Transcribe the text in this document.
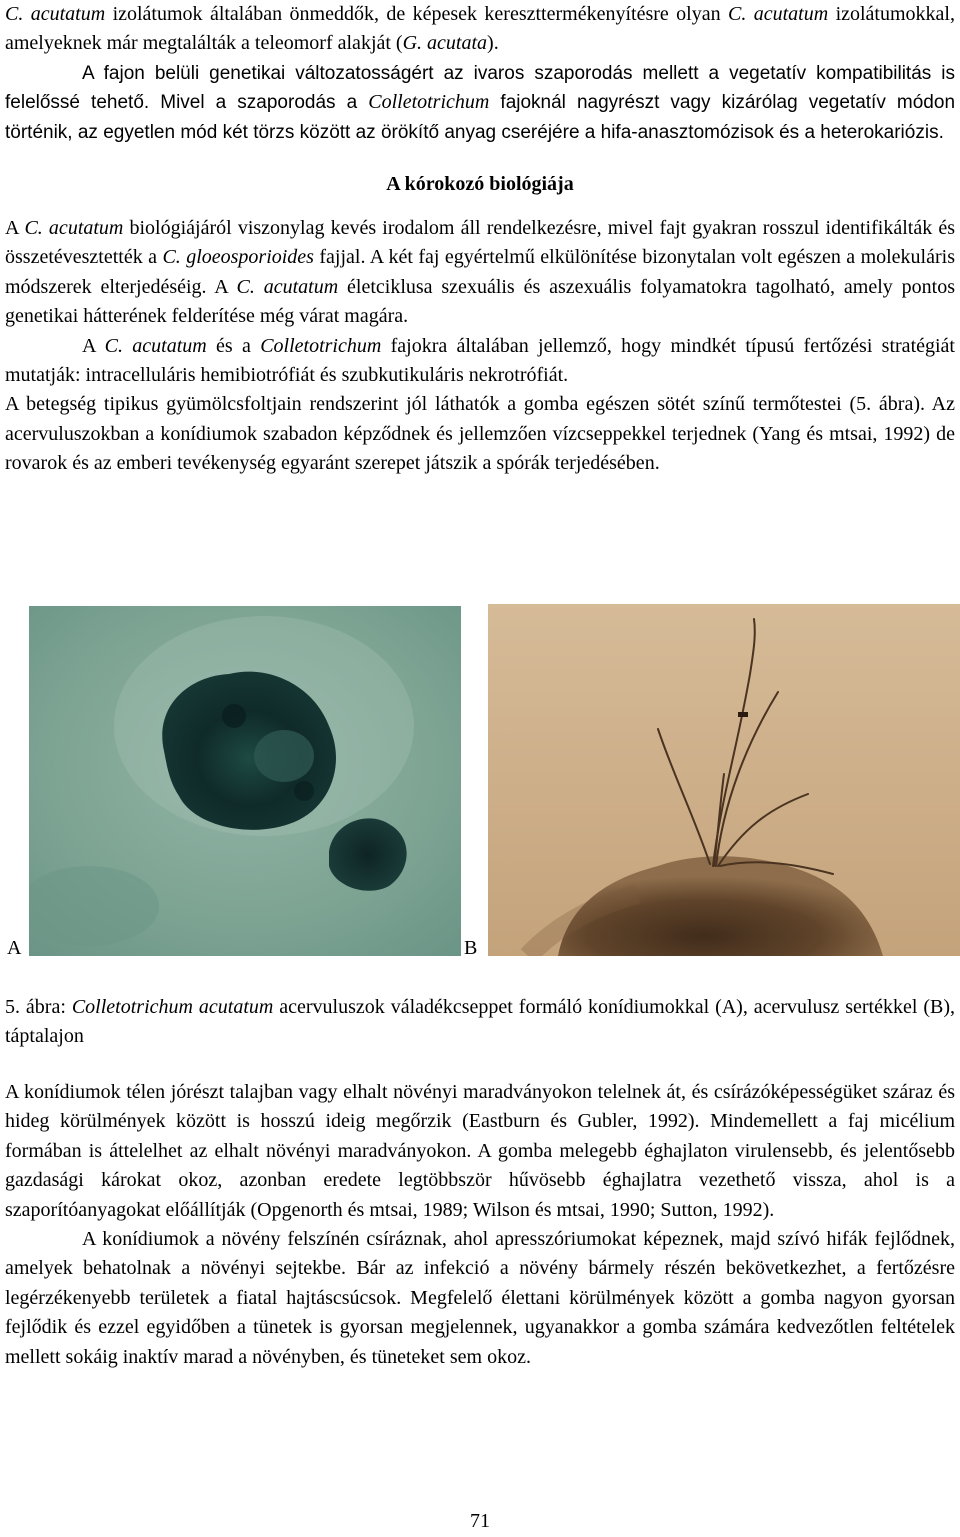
C. acutatum izolátumok általában önmeddők, de képesek kereszttermékenyítésre olyan C. acutatum izolátumokkal, amelyeknek már megtalálták a teleomorf alakját (G. acutata).

A fajon belüli genetikai változatosságért az ivaros szaporodás mellett a vegetatív kompatibilitás is felelőssé tehető. Mivel a szaporodás a Colletotrichum fajoknál nagyrészt vagy kizárólag vegetatív módon történik, az egyetlen mód két törzs között az örökítő anyag cseréjére a hifa-anasztomózisok és a heterokariózis.

A kórokozó biológiája

A C. acutatum biológiájáról viszonylag kevés irodalom áll rendelkezésre, mivel fajt gyakran rosszul identifikálták és összetévesztették a C. gloeosporioides fajjal. A két faj egyértelmű elkülönítése bizonytalan volt egészen a molekuláris módszerek elterjedéséig. A C. acutatum életciklusa szexuális és aszexuális folyamatokra tagolható, amely pontos genetikai hátterének felderítése még várat magára.

A C. acutatum és a Colletotrichum fajokra általában jellemző, hogy mindkét típusú fertőzési stratégiát mutatják: intracelluláris hemibiotrófiát és szubkutikuláris nekrotrófiát.

A betegség tipikus gyümölcsfoltjain rendszerint jól láthatók a gomba egészen sötét színű termőtestei (5. ábra). Az acervuluszokban a konídiumok szabadon képződnek és jellemzően vízcseppekkel terjednek (Yang és mtsai, 1992) de rovarok és az emberi tevékenység egyaránt szerepet játszik a spórák terjedésében.

A	B

5. ábra: Colletotrichum acutatum acervuluszok váladékcseppet formáló konídiumokkal (A), acervulusz sertékkel (B), táptalajon

A konídiumok télen jórészt talajban vagy elhalt növényi maradványokon telelnek át, és csírázóképességüket száraz és hideg körülmények között is hosszú ideig megőrzik (Eastburn és Gubler, 1992). Mindemellett a faj micélium formában is áttelelhet az elhalt növényi maradványokon. A gomba melegebb éghajlaton virulensebb, és jelentősebb gazdasági károkat okoz, azonban eredete legtöbbször hűvösebb éghajlatra vezethető vissza, ahol is a szaporítóanyagokat előállítják (Opgenorth és mtsai, 1989; Wilson és mtsai, 1990; Sutton, 1992).

A konídiumok a növény felszínén csíráznak, ahol apresszóriumokat képeznek, majd szívó hifák fejlődnek, amelyek behatolnak a növényi sejtekbe. Bár az infekció a növény bármely részén bekövetkezhet, a fertőzésre legérzékenyebb területek a fiatal hajtáscsúcsok. Megfelelő élettani körülmények között a gomba nagyon gyorsan fejlődik és ezzel egyidőben a tünetek is gyorsan megjelennek, ugyanakkor a gomba számára kedvezőtlen feltételek mellett sokáig inaktív marad a növényben, és tüneteket sem okoz.

71
